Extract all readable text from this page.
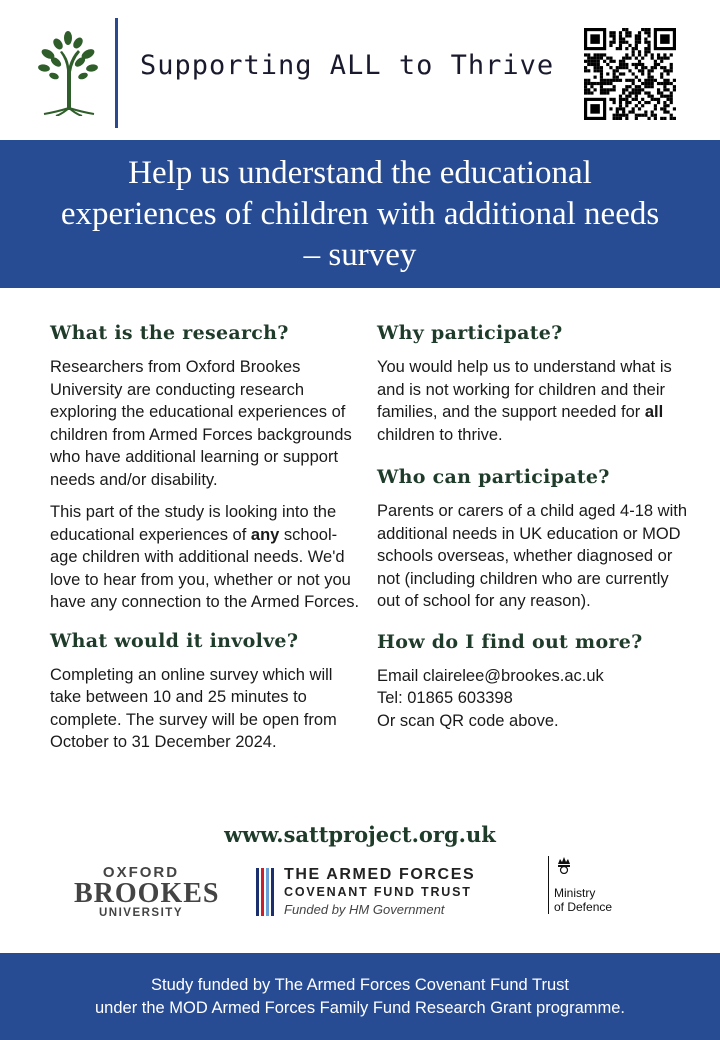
Supporting ALL to Thrive
Help us understand the educational experiences of children with additional needs – survey
What is the research?

Researchers from Oxford Brookes University are conducting research exploring the educational experiences of children from Armed Forces backgrounds who have additional learning or support needs and/or disability.

This part of the study is looking into the educational experiences of any school-age children with additional needs. We'd love to hear from you, whether or not you have any connection to the Armed Forces.

What would it involve?

Completing an online survey which will take between 10 and 25 minutes to complete. The survey will be open from October to 31 December 2024.

Why participate?

You would help us to understand what is and is not working for children and their families, and the support needed for all children to thrive.

Who can participate?

Parents or carers of a child aged 4-18 with additional needs in UK education or MOD schools overseas, whether diagnosed or not (including children who are currently out of school for any reason).

How do I find out more?

Email clairelee@brookes.ac.uk

Tel: 01865 603398

Or scan QR code above.

www.sattproject.org.uk
OXFORD
BROOKES
UNIVERSITY
THE ARMED FORCES
COVENANT FUND TRUST
Funded by HM Government
Ministry
of Defence
Study funded by The Armed Forces Covenant Fund Trust
under the MOD Armed Forces Family Fund Research Grant programme.
